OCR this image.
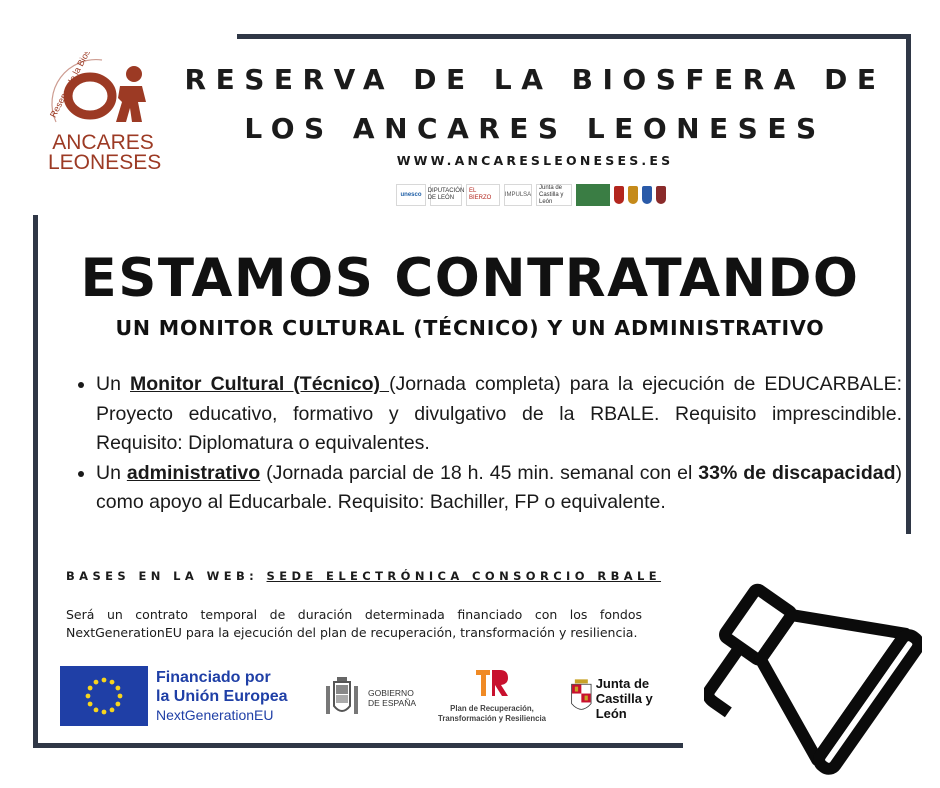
Reserva de la Biosfera
ANCARES
LEONESES
RESERVA DE LA BIOSFERA DE
LOS ANCARES LEONESES
WWW.ANCARESLEONESES.ES
unesco
DIPUTACIÓN DE LEÓN
EL BIERZO
IMPULSA
Junta de Castilla y León
ESTAMOS CONTRATANDO
UN MONITOR CULTURAL (TÉCNICO) Y UN ADMINISTRATIVO
• Un Monitor Cultural (Técnico) (Jornada completa) para la ejecución de EDUCARBALE: Proyecto educativo, formativo y divulgativo de la RBALE. Requisito imprescindible. Requisito: Diplomatura o equivalentes.
• Un administrativo (Jornada parcial de 18 h. 45 min. semanal con el 33% de discapacidad) como apoyo al Educarbale. Requisito: Bachiller, FP o equivalente.
BASES EN LA WEB: SEDE ELECTRÓNICA CONSORCIO RBALE
Será un contrato temporal de duración determinada financiado con los fondos NextGenerationEU para la ejecución del plan de recuperación, transformación y resiliencia.
Financiado por
la Unión Europea
NextGenerationEU
GOBIERNO
DE ESPAÑA
Plan de Recuperación,
Transformación y Resiliencia
Junta de
Castilla y León
